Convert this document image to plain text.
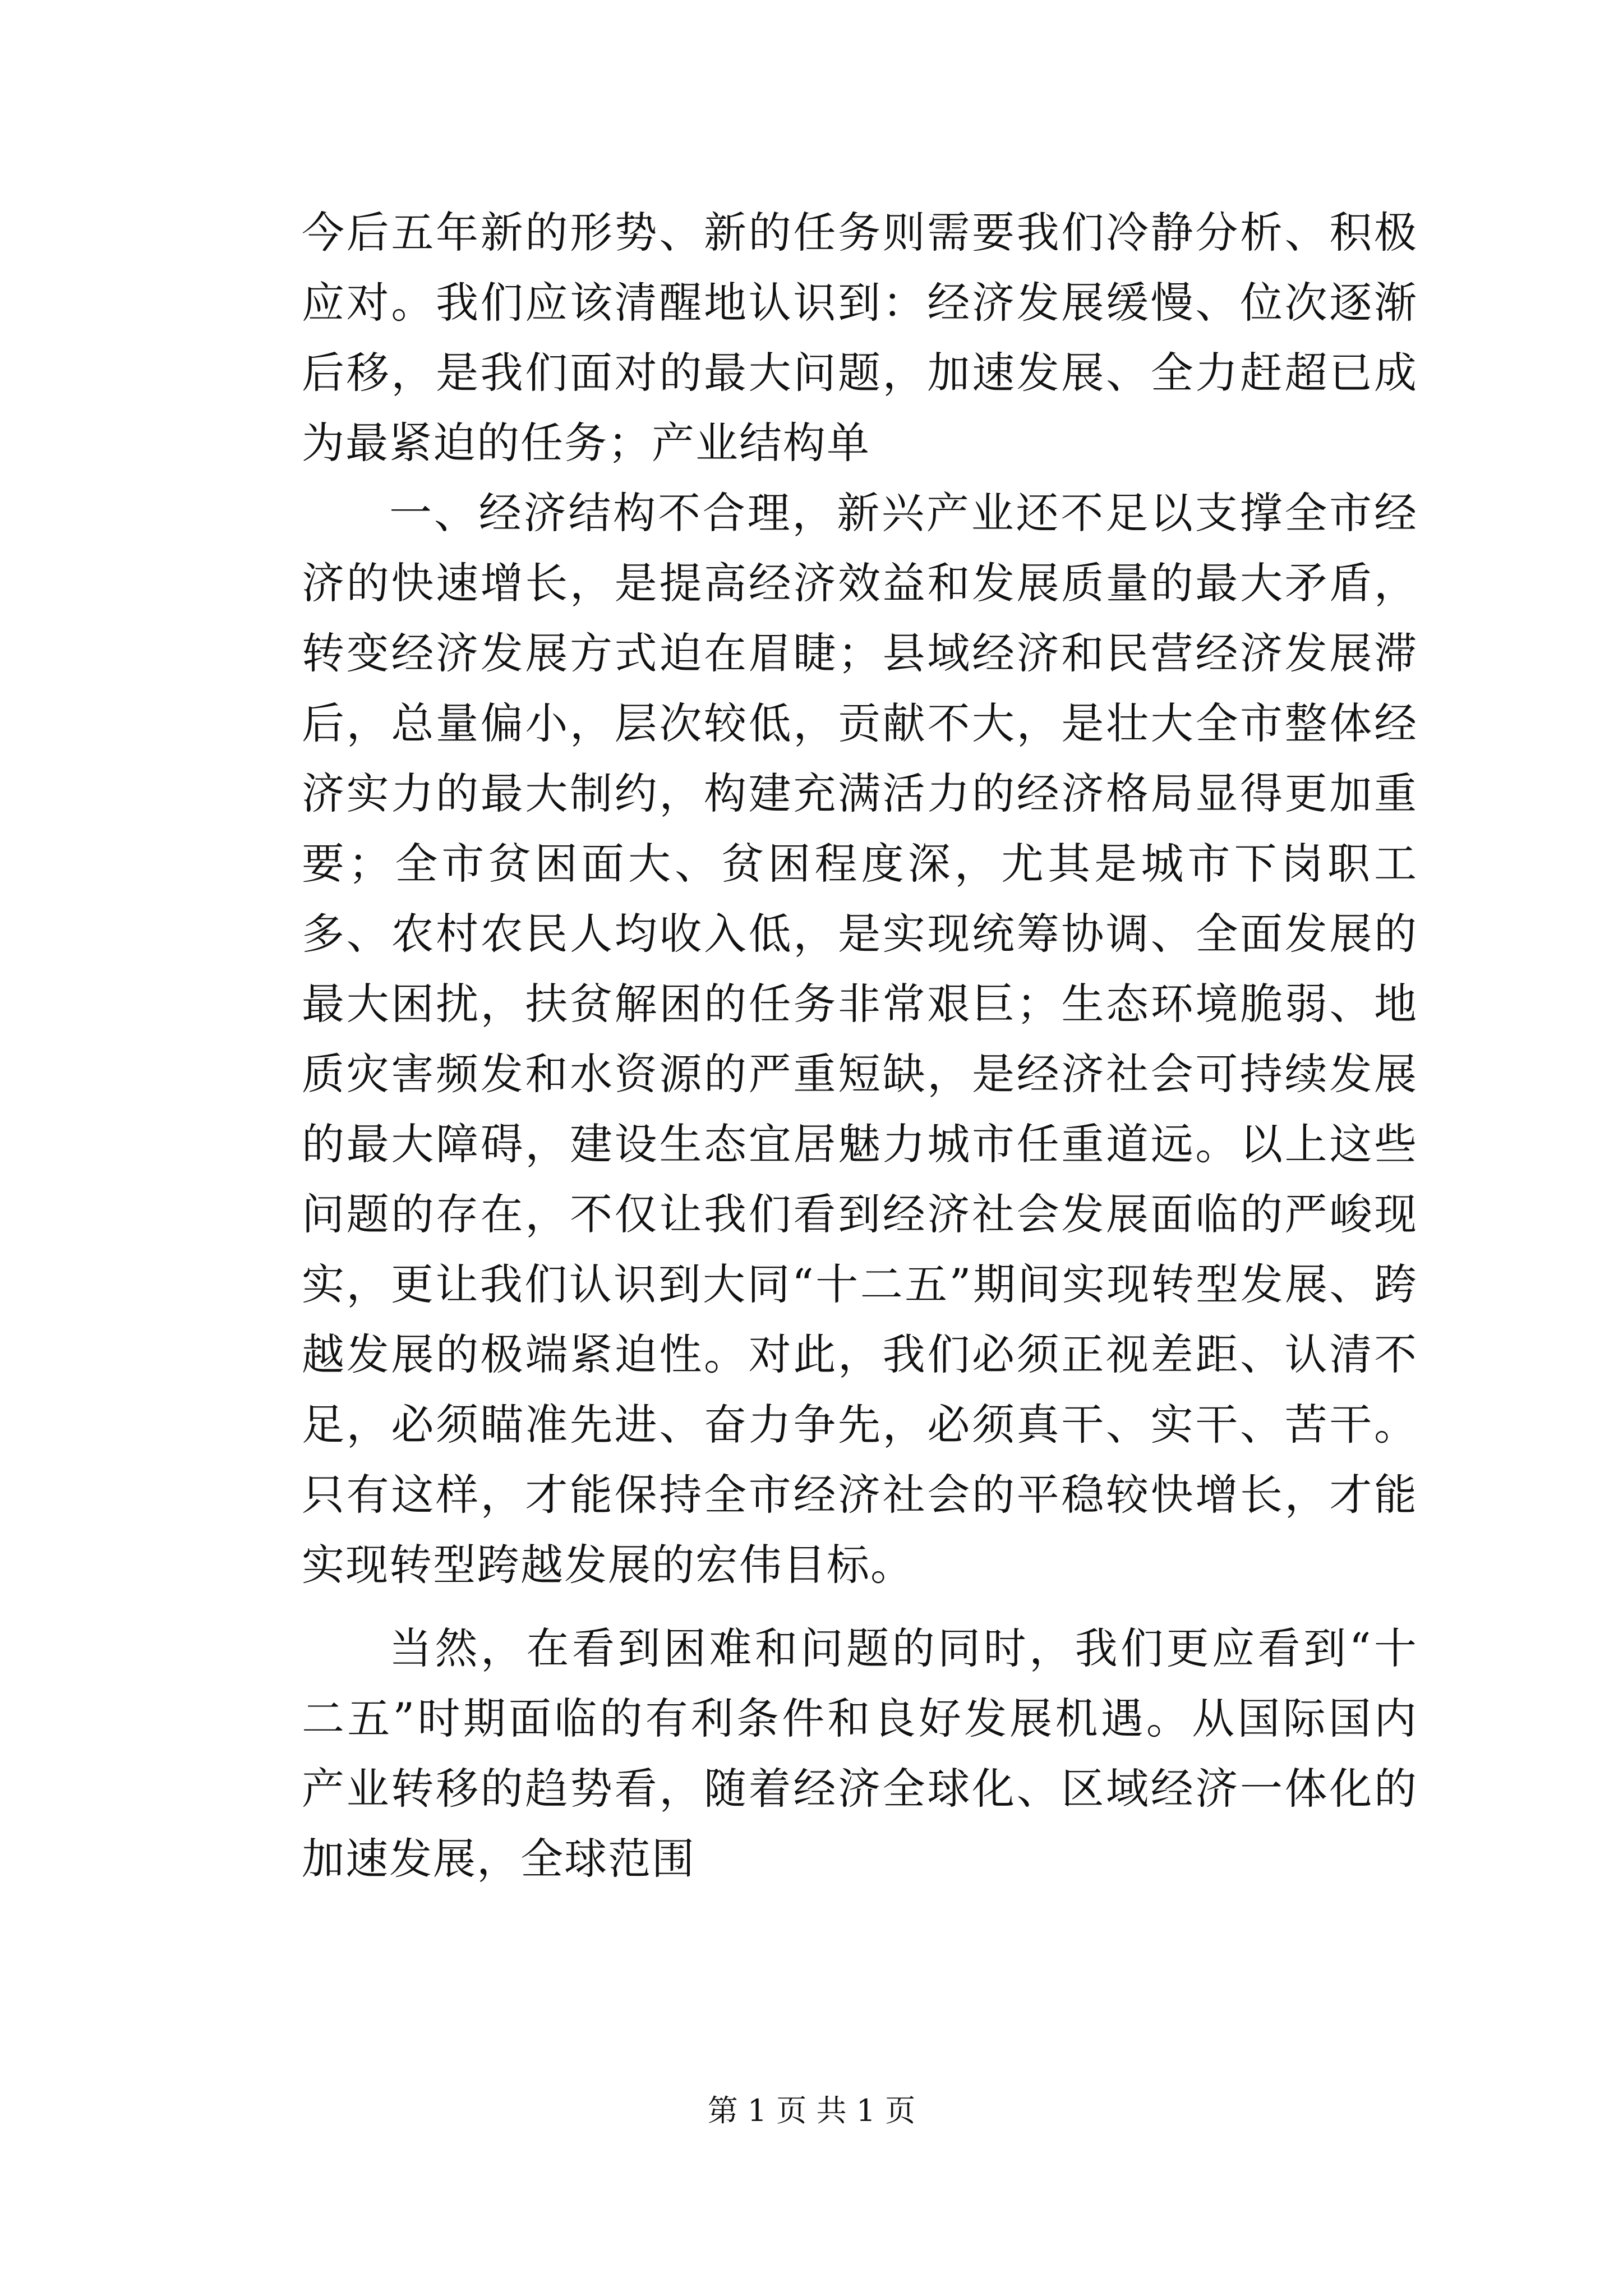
今后五年新的形势、新的任务则需要我们冷静分析、积极应对。我们应该清醒地认识到：经济发展缓慢、位次逐渐后移，是我们面对的最大问题，加速发展、全力赶超已成为最紧迫的任务；产业结构单

一、经济结构不合理，新兴产业还不足以支撑全市经济的快速增长，是提高经济效益和发展质量的最大矛盾，转变经济发展方式迫在眉睫；县域经济和民营经济发展滞后，总量偏小，层次较低，贡献不大，是壮大全市整体经济实力的最大制约，构建充满活力的经济格局显得更加重要；全市贫困面大、贫困程度深，尤其是城市下岗职工多、农村农民人均收入低，是实现统筹协调、全面发展的最大困扰，扶贫解困的任务非常艰巨；生态环境脆弱、地质灾害频发和水资源的严重短缺，是经济社会可持续发展的最大障碍，建设生态宜居魅力城市任重道远。以上这些问题的存在，不仅让我们看到经济社会发展面临的严峻现实，更让我们认识到大同“十二五”期间实现转型发展、跨越发展的极端紧迫性。对此，我们必须正视差距、认清不足，必须瞄准先进、奋力争先，必须真干、实干、苦干。只有这样，才能保持全市经济社会的平稳较快增长，才能实现转型跨越发展的宏伟目标。

当然，在看到困难和问题的同时，我们更应看到“十二五”时期面临的有利条件和良好发展机遇。从国际国内产业转移的趋势看，随着经济全球化、区域经济一体化的加速发展，全球范围

第 1 页 共 1 页
